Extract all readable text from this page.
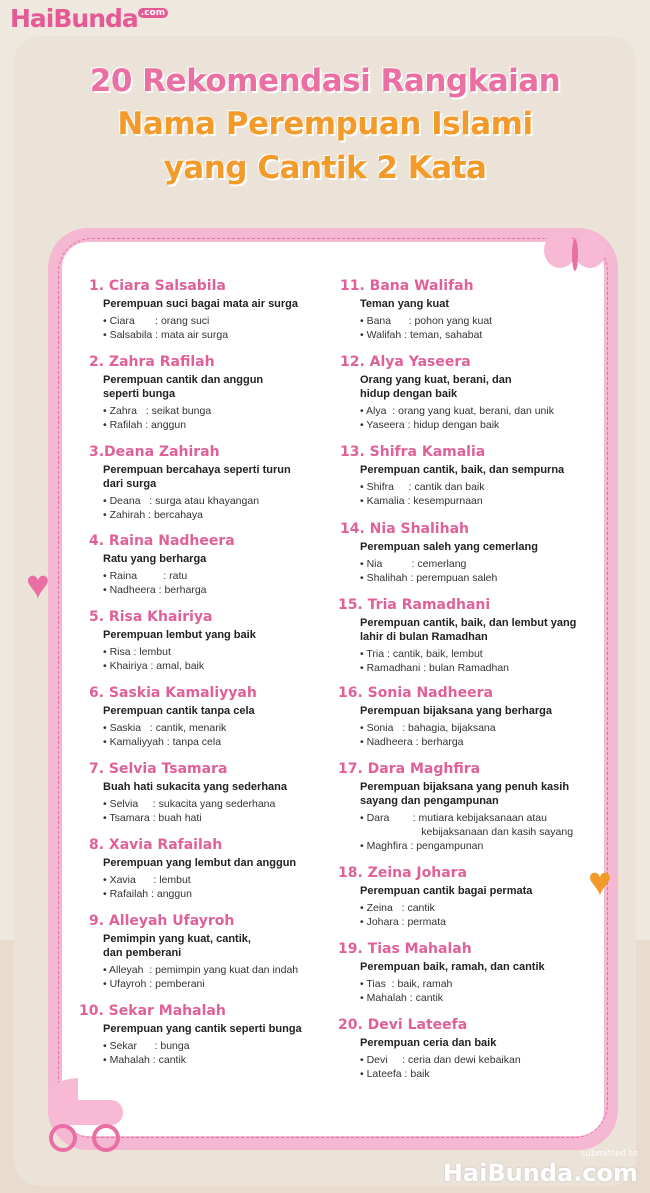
HaiBunda $^{.com}$
20 Rekomendasi Rangkaian
Nama Perempuan Islami
yang Cantik 2 Kata
1. Ciara Salsabila
Perempuan suci bagai mata air surga
• Ciara       : orang suci
• Salsabila : mata air surga
2. Zahra Rafilah
Perempuan cantik dan anggun
seperti bunga
• Zahra   : seikat bunga
• Rafilah : anggun
3.Deana Zahirah
Perempuan bercahaya seperti turun
dari surga
• Deana   : surga atau khayangan
• Zahirah : bercahaya
4. Raina Nadheera
Ratu yang berharga
• Raina         : ratu
• Nadheera : berharga
5. Risa Khairiya
Perempuan lembut yang baik
• Risa : lembut
• Khairiya : amal, baik
6. Saskia Kamaliyyah
Perempuan cantik tanpa cela
• Saskia   : cantik, menarik
• Kamaliyyah : tanpa cela
7. Selvia Tsamara
Buah hati sukacita yang sederhana
• Selvia     : sukacita yang sederhana
• Tsamara : buah hati
8. Xavia Rafailah
Perempuan yang lembut dan anggun
• Xavia      : lembut
• Rafailah : anggun
9. Alleyah Ufayroh
Pemimpin yang kuat, cantik,
dan pemberani
• Alleyah  : pemimpin yang kuat dan indah
• Ufayroh : pemberani
10. Sekar Mahalah
Perempuan yang cantik seperti bunga
• Sekar      : bunga
• Mahalah : cantik
11. Bana Walifah
Teman yang kuat
• Bana      : pohon yang kuat
• Walifah : teman, sahabat
12. Alya Yaseera
Orang yang kuat, berani, dan
hidup dengan baik
• Alya  : orang yang kuat, berani, dan unik
• Yaseera : hidup dengan baik
13. Shifra Kamalia
Perempuan cantik, baik, dan sempurna
• Shifra     : cantik dan baik
• Kamalia : kesempurnaan
14. Nia Shalihah
Perempuan saleh yang cemerlang
• Nia          : cemerlang
• Shalihah : perempuan saleh
15. Tria Ramadhani
Perempuan cantik, baik, dan lembut yang
lahir di bulan Ramadhan
• Tria : cantik, baik, lembut
• Ramadhani : bulan Ramadhan
16. Sonia Nadheera
Perempuan bijaksana yang berharga
• Sonia   : bahagia, bijaksana
• Nadheera : berharga
17. Dara Maghfira
Perempuan bijaksana yang penuh kasih
sayang dan pengampunan
• Dara        : mutiara kebijaksanaan atau
kebijaksanaan dan kasih sayang
• Maghfira : pengampunan
18. Zeina Johara
Perempuan cantik bagai permata
• Zeina   : cantik
• Johara : permata
19. Tias Mahalah
Perempuan baik, ramah, dan cantik
• Tias  : baik, ramah
• Mahalah : cantik
20. Devi Lateefa
Perempuan ceria dan baik
• Devi     : ceria dan dewi kebaikan
• Lateefa : baik
♥
♥
submitted to
HaiBunda.com
